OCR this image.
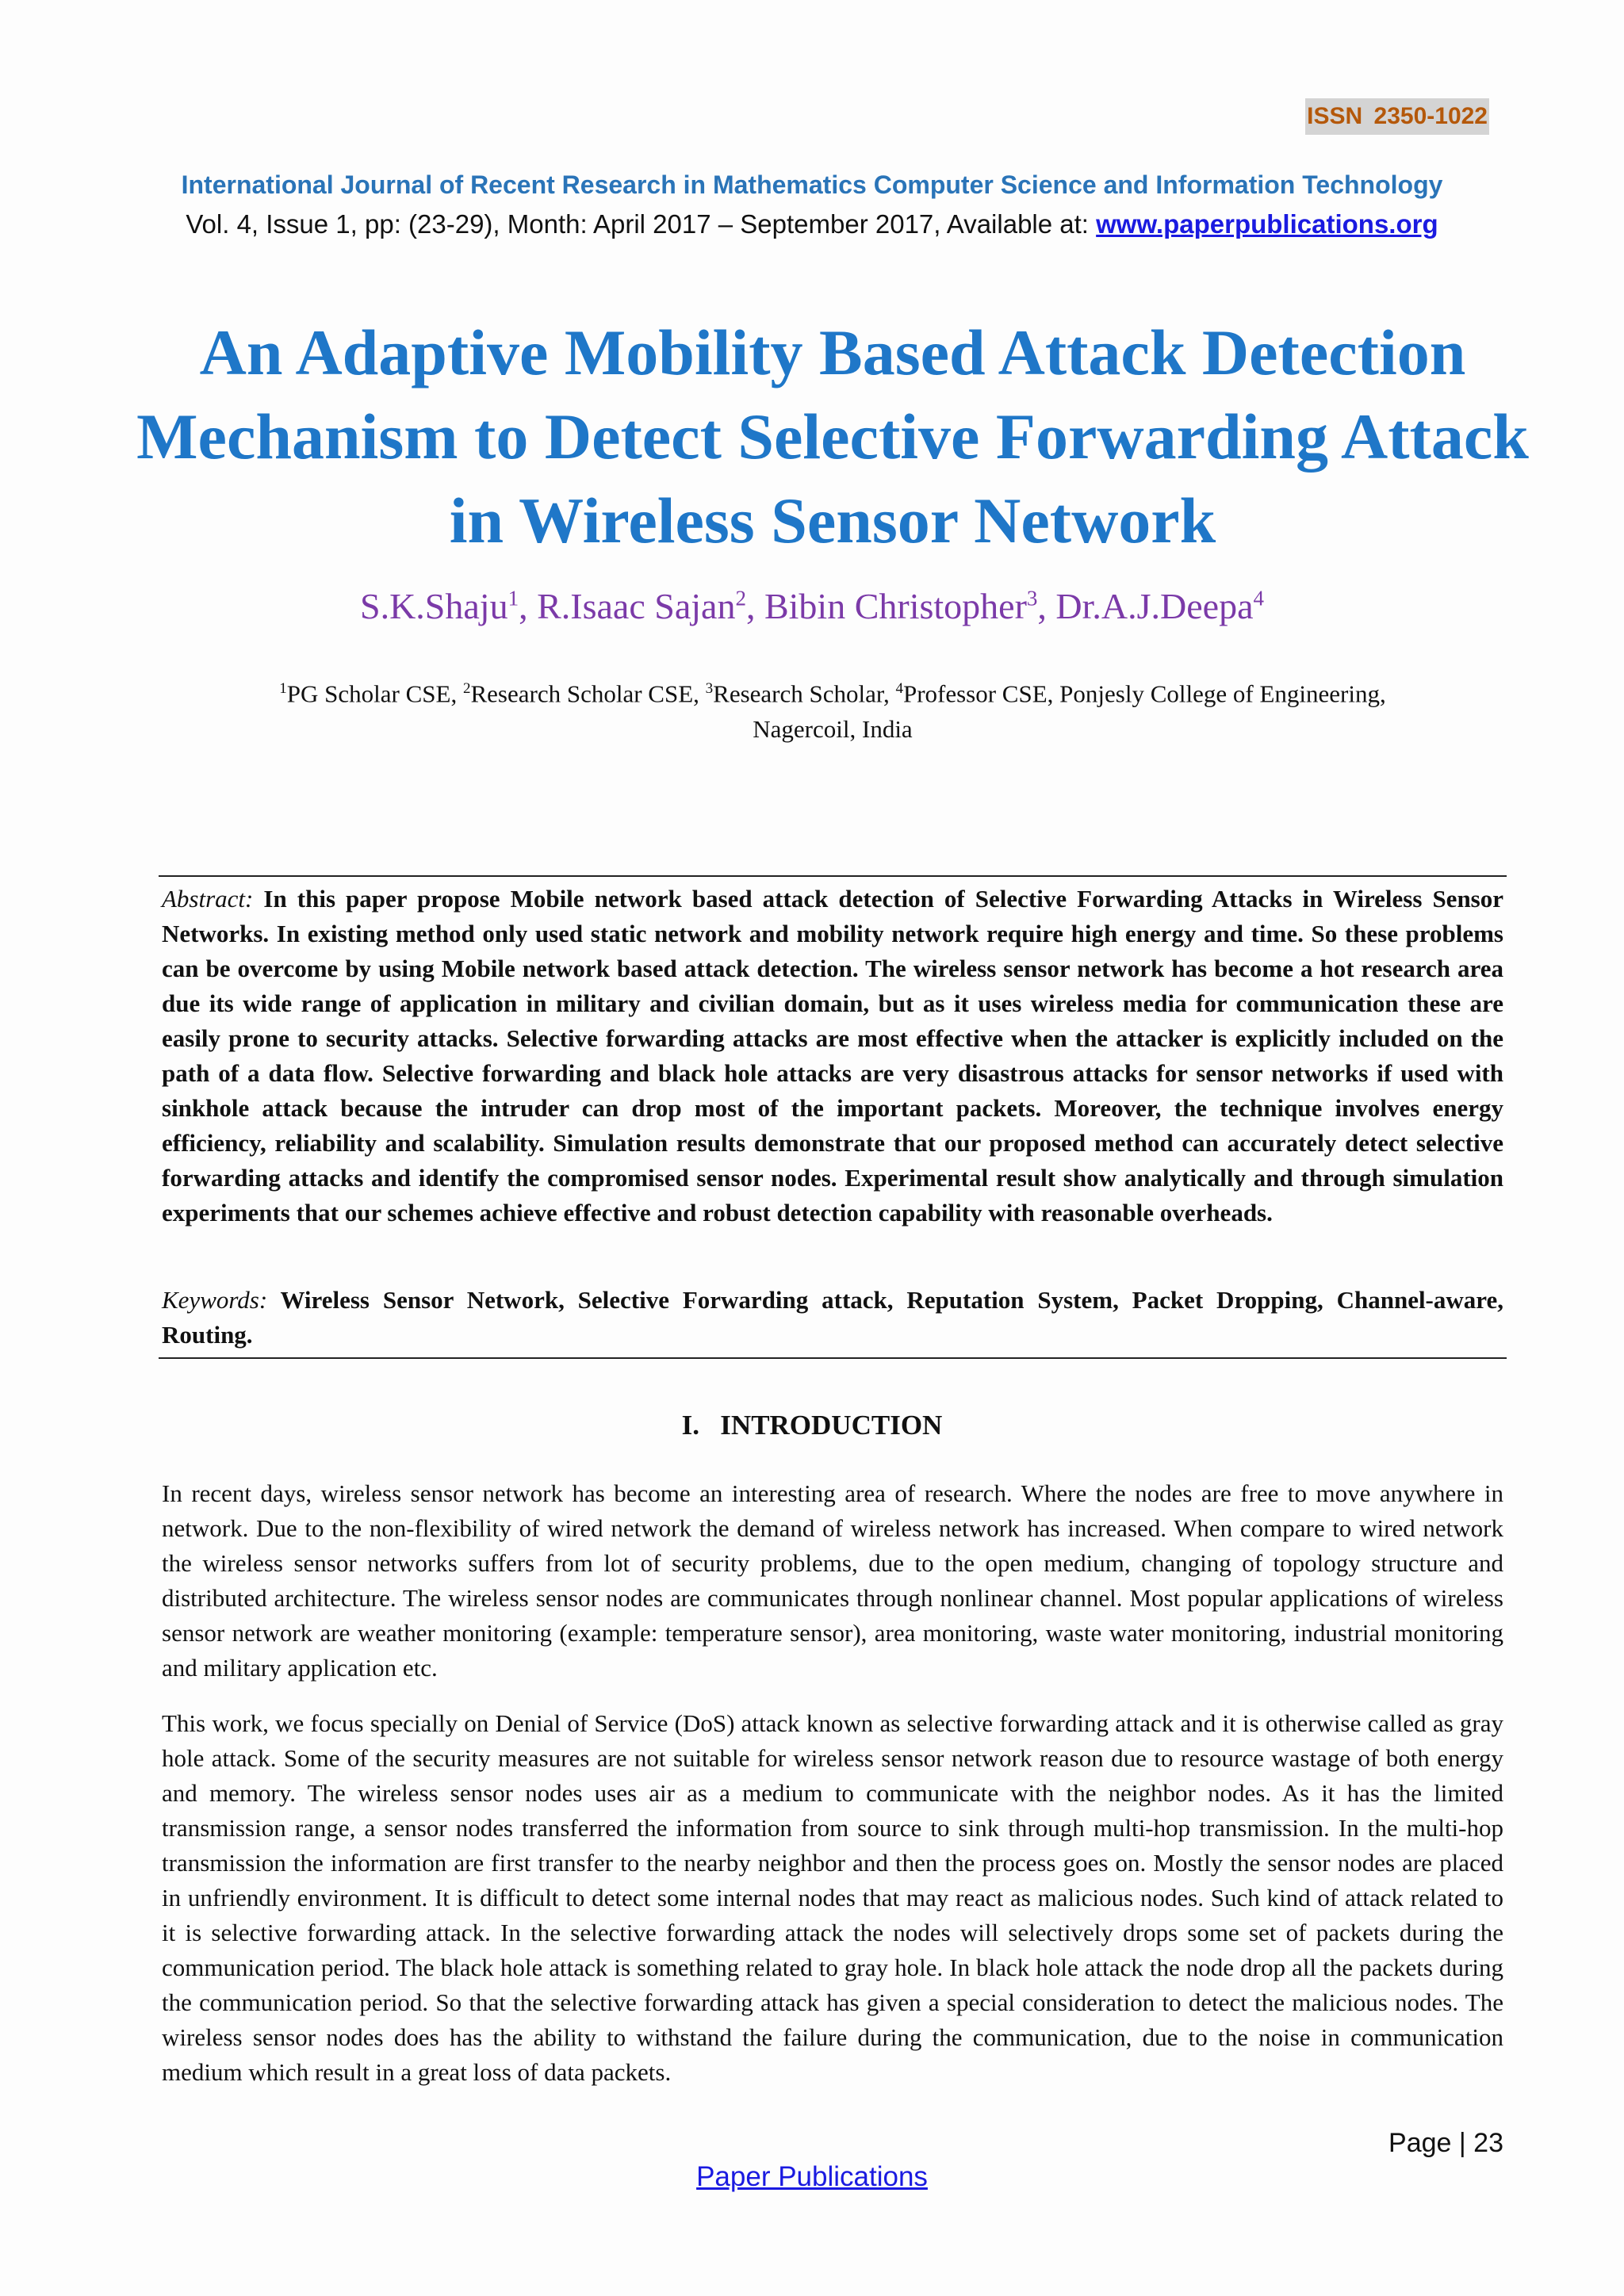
ISSN 2350-1022
International Journal of Recent Research in Mathematics Computer Science and Information Technology
Vol. 4, Issue 1, pp: (23-29), Month: April 2017 – September 2017, Available at: www.paperpublications.org
An Adaptive Mobility Based Attack Detection Mechanism to Detect Selective Forwarding Attack in Wireless Sensor Network
S.K.Shaju$^1$, R.Isaac Sajan$^2$, Bibin Christopher$^3$, Dr.A.J.Deepa$^4$
$^1$PG Scholar CSE, $^2$Research Scholar CSE, $^3$Research Scholar, $^4$Professor CSE, Ponjesly College of Engineering,
Nagercoil, India
Abstract: In this paper propose Mobile network based attack detection of Selective Forwarding Attacks in Wireless Sensor Networks. In existing method only used static network and mobility network require high energy and time. So these problems can be overcome by using Mobile network based attack detection. The wireless sensor network has become a hot research area due its wide range of application in military and civilian domain, but as it uses wireless media for communication these are easily prone to security attacks. Selective forwarding attacks are most effective when the attacker is explicitly included on the path of a data flow. Selective forwarding and black hole attacks are very disastrous attacks for sensor networks if used with sinkhole attack because the intruder can drop most of the important packets. Moreover, the technique involves energy efficiency, reliability and scalability. Simulation results demonstrate that our proposed method can accurately detect selective forwarding attacks and identify the compromised sensor nodes. Experimental result show analytically and through simulation experiments that our schemes achieve effective and robust detection capability with reasonable overheads.
Keywords: Wireless Sensor Network, Selective Forwarding attack, Reputation System, Packet Dropping, Channel-aware, Routing.
I.   INTRODUCTION
In recent days, wireless sensor network has become an interesting area of research. Where the nodes are free to move anywhere in network. Due to the non-flexibility of wired network the demand of wireless network has increased. When compare to wired network the wireless sensor networks suffers from lot of security problems, due to the open medium, changing of topology structure and distributed architecture. The wireless sensor nodes are communicates through nonlinear channel. Most popular applications of wireless sensor network are weather monitoring (example: temperature sensor), area monitoring, waste water monitoring, industrial monitoring and military application etc.
This work, we focus specially on Denial of Service (DoS) attack known as selective forwarding attack and it is otherwise called as gray hole attack. Some of the security measures are not suitable for wireless sensor network reason due to resource wastage of both energy and memory. The wireless sensor nodes uses air as a medium to communicate with the neighbor nodes. As it has the limited transmission range, a sensor nodes transferred the information from source to sink through multi-hop transmission. In the multi-hop transmission the information are first transfer to the nearby neighbor and then the process goes on. Mostly the sensor nodes are placed in unfriendly environment. It is difficult to detect some internal nodes that may react as malicious nodes. Such kind of attack related to it is selective forwarding attack. In the selective forwarding attack the nodes will selectively drops some set of packets during the communication period. The black hole attack is something related to gray hole. In black hole attack the node drop all the packets during the communication period. So that the selective forwarding attack has given a special consideration to detect the malicious nodes. The wireless sensor nodes does has the ability to withstand the failure during the communication, due to the noise in communication medium which result in a great loss of data packets.
Page | 23
Paper Publications
